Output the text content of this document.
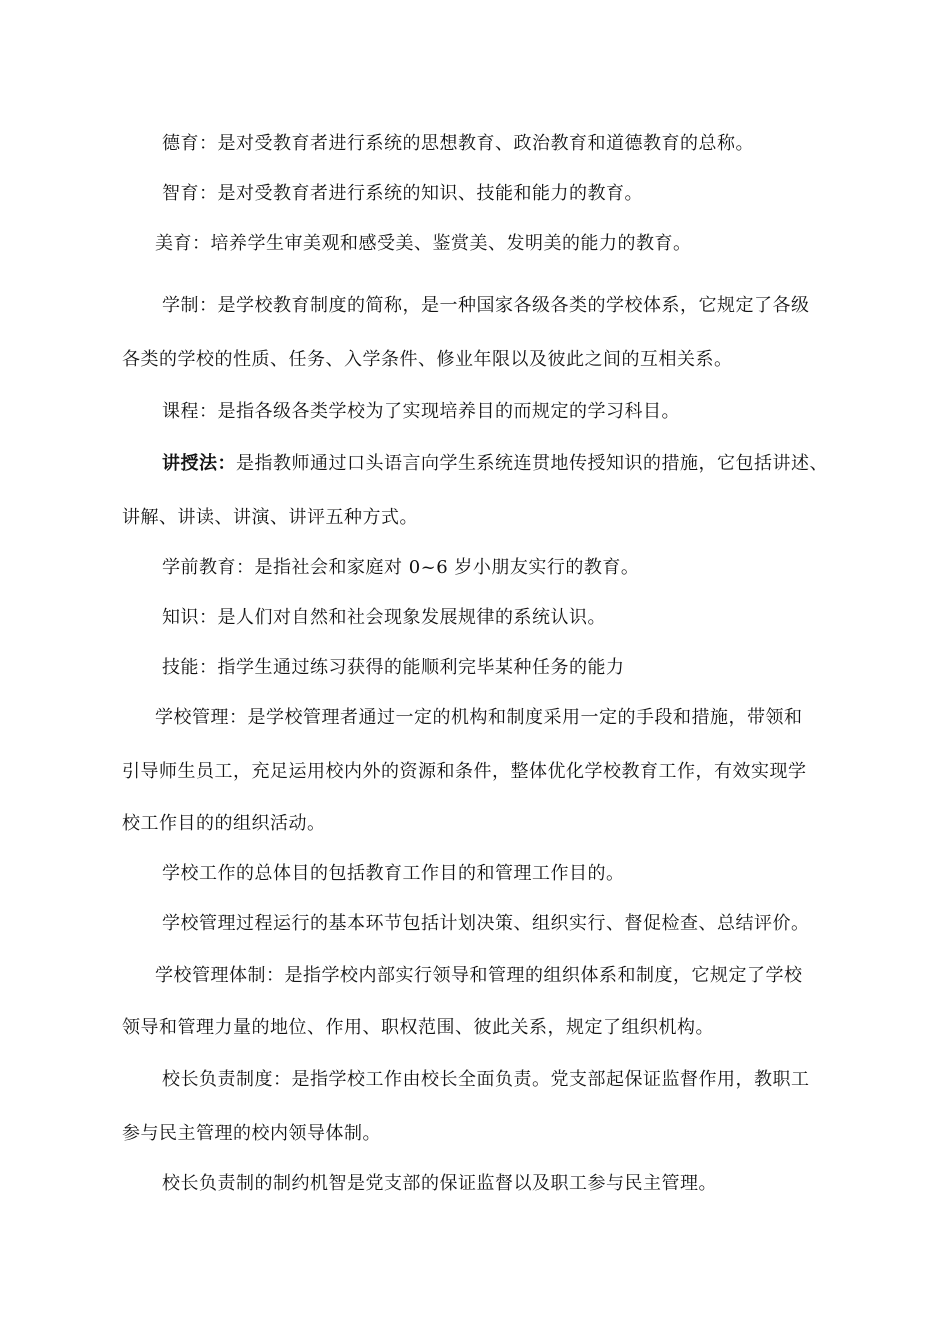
德育：是对受教育者进行系统的思想教育、政治教育和道德教育的总称。
智育：是对受教育者进行系统的知识、技能和能力的教育。
美育：培养学生审美观和感受美、鉴赏美、发明美的能力的教育。
学制：是学校教育制度的简称，是一种国家各级各类的学校体系，它规定了各级
各类的学校的性质、任务、入学条件、修业年限以及彼此之间的互相关系。
课程：是指各级各类学校为了实现培养目的而规定的学习科目。
讲授法：是指教师通过口头语言向学生系统连贯地传授知识的措施，它包括讲述、
讲解、讲读、讲演、讲评五种方式。
学前教育：是指社会和家庭对 0~6 岁小朋友实行的教育。
知识：是人们对自然和社会现象发展规律的系统认识。
技能：指学生通过练习获得的能顺利完毕某种任务的能力
学校管理：是学校管理者通过一定的机构和制度采用一定的手段和措施，带领和
引导师生员工，充足运用校内外的资源和条件，整体优化学校教育工作，有效实现学
校工作目的的组织活动。
学校工作的总体目的包括教育工作目的和管理工作目的。
学校管理过程运行的基本环节包括计划决策、组织实行、督促检查、总结评价。
学校管理体制：是指学校内部实行领导和管理的组织体系和制度，它规定了学校
领导和管理力量的地位、作用、职权范围、彼此关系，规定了组织机构。
校长负责制度：是指学校工作由校长全面负责。党支部起保证监督作用，教职工
参与民主管理的校内领导体制。
校长负责制的制约机智是党支部的保证监督以及职工参与民主管理。
